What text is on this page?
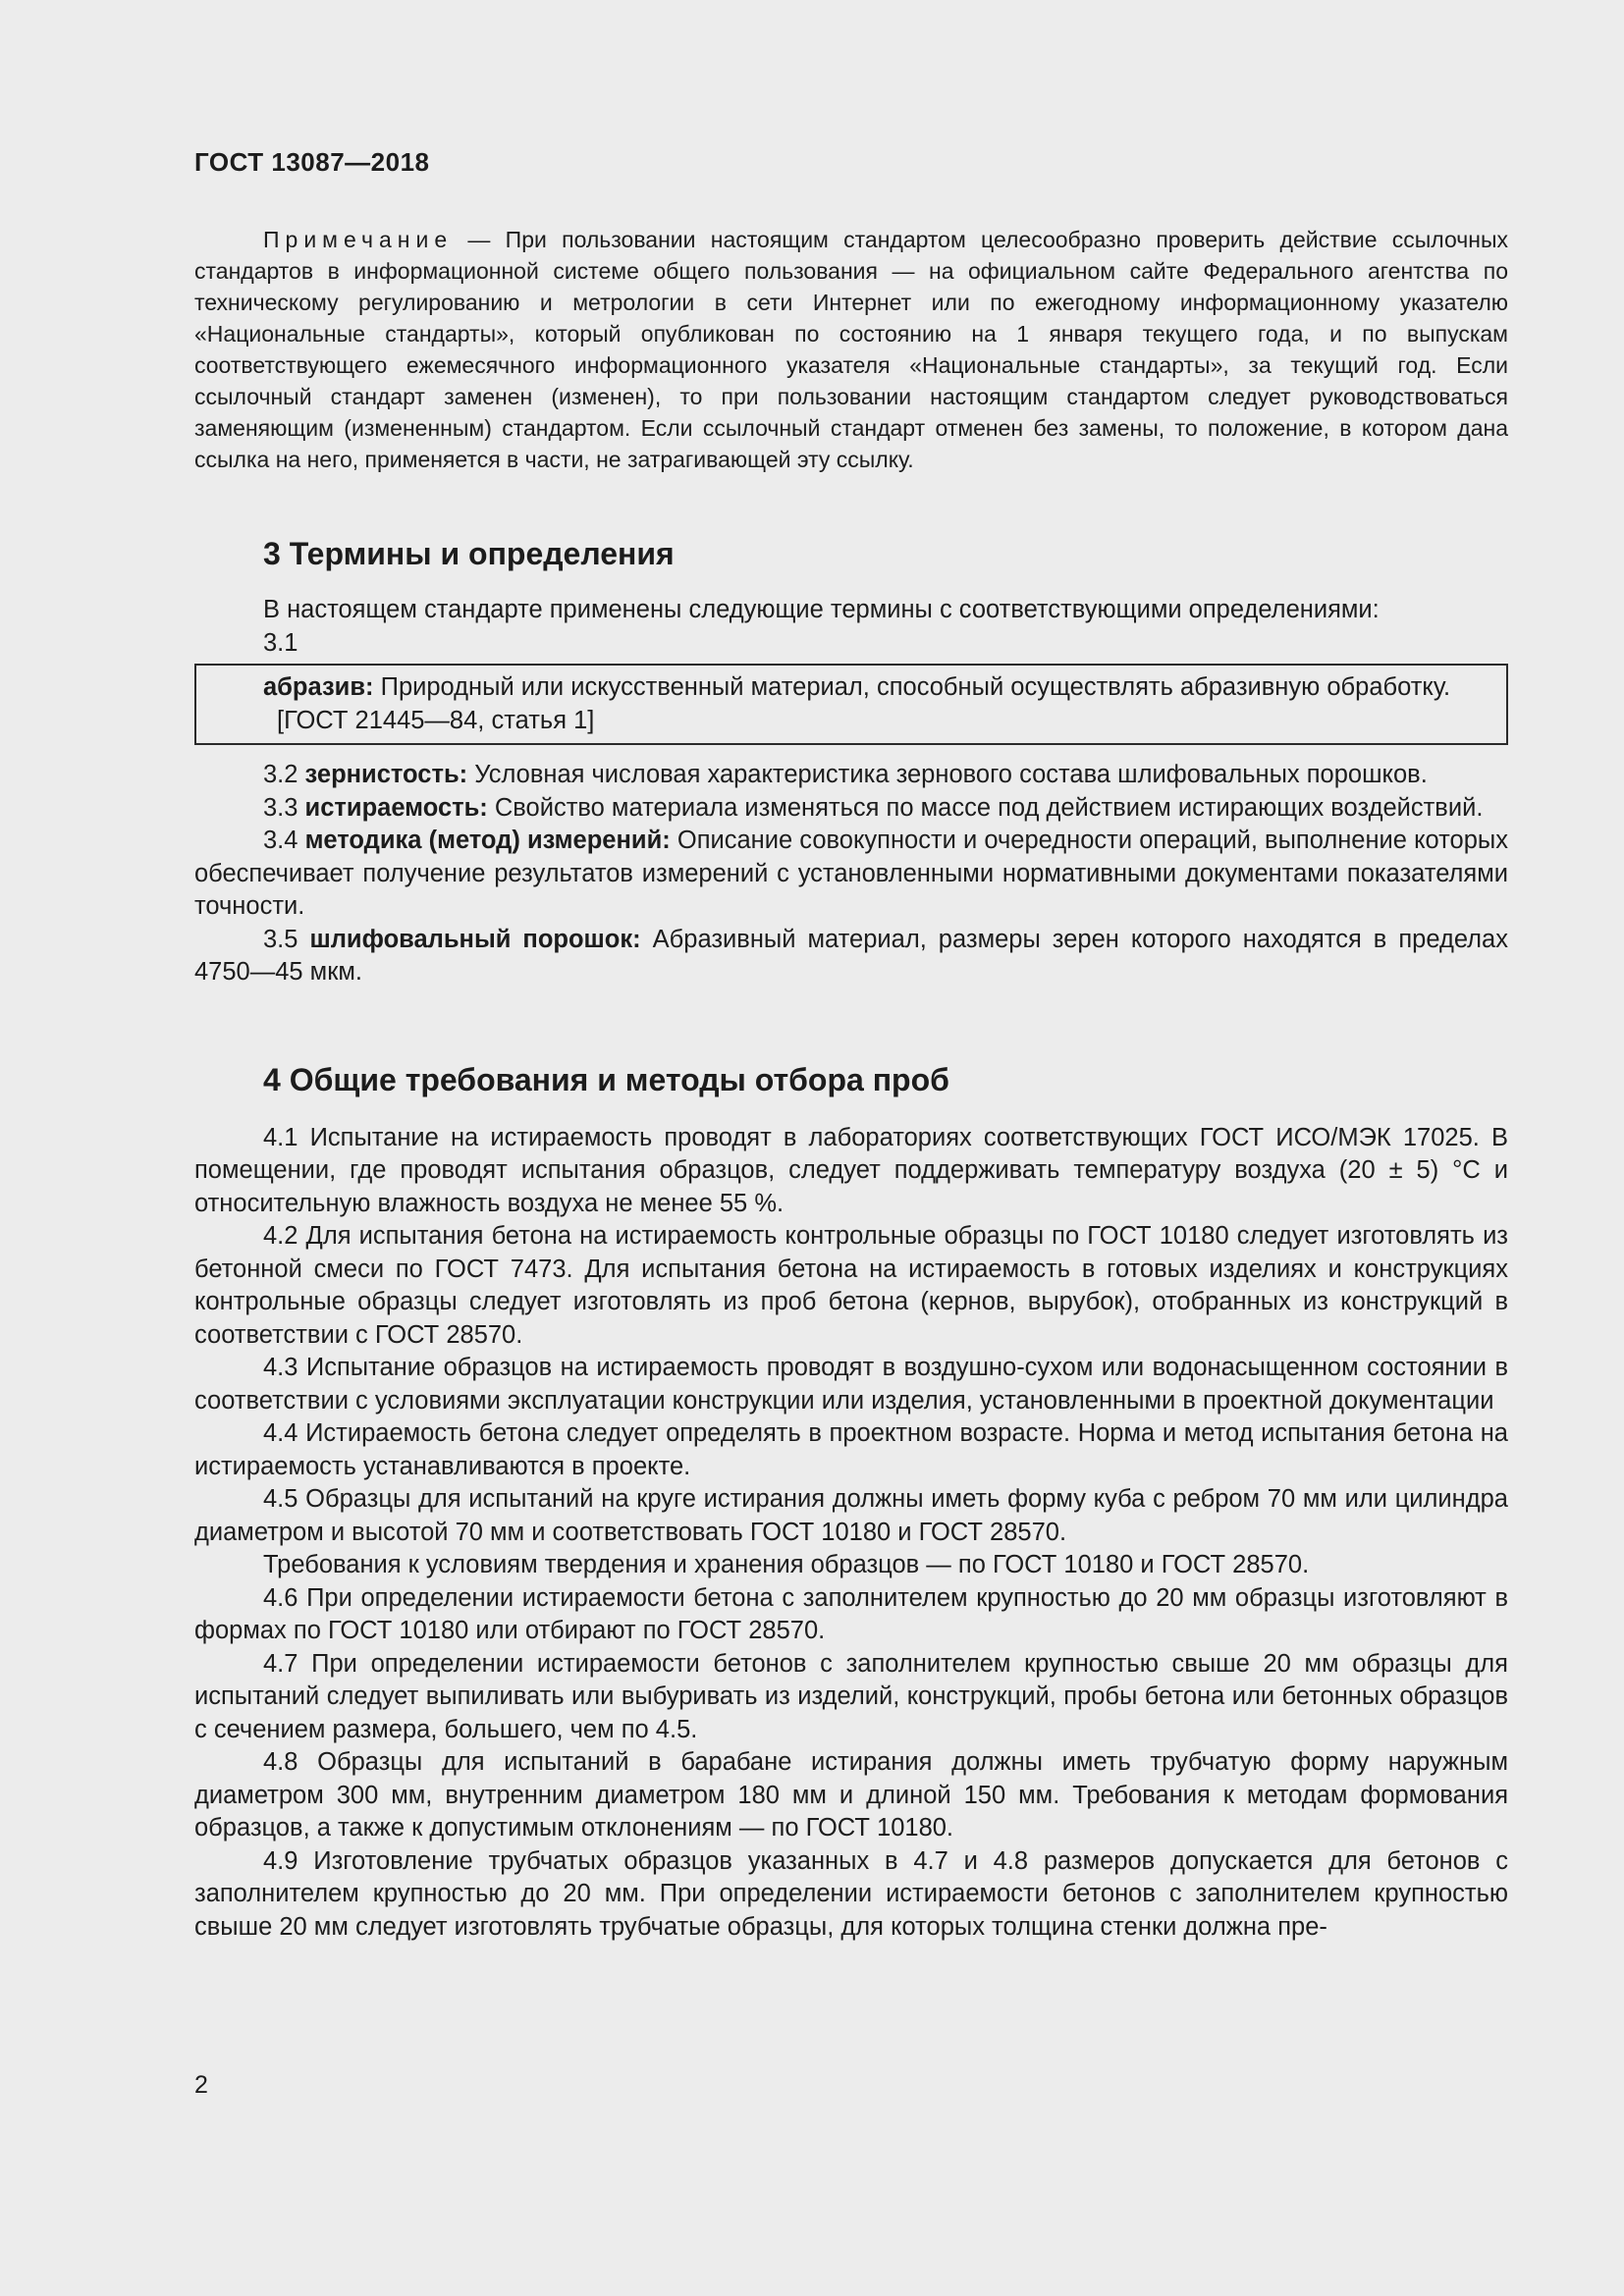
ГОСТ 13087—2018

Примечание — При пользовании настоящим стандартом целесообразно проверить действие ссылочных стандартов в информационной системе общего пользования — на официальном сайте Федерального агентства по техническому регулированию и метрологии в сети Интернет или по ежегодному информационному указателю «Национальные стандарты», который опубликован по состоянию на 1 января текущего года, и по выпускам соответствующего ежемесячного информационного указателя «Национальные стандарты», за текущий год. Если ссылочный стандарт заменен (изменен), то при пользовании настоящим стандартом следует руководствоваться заменяющим (измененным) стандартом. Если ссылочный стандарт отменен без замены, то положение, в котором дана ссылка на него, применяется в части, не затрагивающей эту ссылку.

3 Термины и определения

В настоящем стандарте применены следующие термины с соответствующими определениями:

3.1

абразив: Природный или искусственный материал, способный осуществлять абразивную обработку.

[ГОСТ 21445—84, статья 1]

3.2 зернистость: Условная числовая характеристика зернового состава шлифовальных порошков.

3.3 истираемость: Свойство материала изменяться по массе под действием истирающих воздействий.

3.4 методика (метод) измерений: Описание совокупности и очередности операций, выполнение которых обеспечивает получение результатов измерений с установленными нормативными документами показателями точности.

3.5 шлифовальный порошок: Абразивный материал, размеры зерен которого находятся в пределах 4750—45 мкм.

4 Общие требования и методы отбора проб

4.1 Испытание на истираемость проводят в лабораториях соответствующих ГОСТ ИСО/МЭК 17025. В помещении, где проводят испытания образцов, следует поддерживать температуру воздуха (20 ± 5) °С и относительную влажность воздуха не менее 55 %.

4.2 Для испытания бетона на истираемость контрольные образцы по ГОСТ 10180 следует изготовлять из бетонной смеси по ГОСТ 7473. Для испытания бетона на истираемость в готовых изделиях и конструкциях контрольные образцы следует изготовлять из проб бетона (кернов, вырубок), отобранных из конструкций в соответствии с ГОСТ 28570.

4.3 Испытание образцов на истираемость проводят в воздушно-сухом или водонасыщенном состоянии в соответствии с условиями эксплуатации конструкции или изделия, установленными в проектной документации

4.4 Истираемость бетона следует определять в проектном возрасте. Норма и метод испытания бетона на истираемость устанавливаются в проекте.

4.5 Образцы для испытаний на круге истирания должны иметь форму куба с ребром 70 мм или цилиндра диаметром и высотой 70 мм и соответствовать ГОСТ 10180 и ГОСТ 28570.

Требования к условиям твердения и хранения образцов — по ГОСТ 10180 и ГОСТ 28570.

4.6 При определении истираемости бетона с заполнителем крупностью до 20 мм образцы изготовляют в формах по ГОСТ 10180 или отбирают по ГОСТ 28570.

4.7 При определении истираемости бетонов с заполнителем крупностью свыше 20 мм образцы для испытаний следует выпиливать или выбуривать из изделий, конструкций, пробы бетона или бетонных образцов с сечением размера, большего, чем по 4.5.

4.8 Образцы для испытаний в барабане истирания должны иметь трубчатую форму наружным диаметром 300 мм, внутренним диаметром 180 мм и длиной 150 мм. Требования к методам формования образцов, а также к допустимым отклонениям — по ГОСТ 10180.

4.9 Изготовление трубчатых образцов указанных в 4.7 и 4.8 размеров допускается для бетонов с заполнителем крупностью до 20 мм. При определении истираемости бетонов с заполнителем крупностью свыше 20 мм следует изготовлять трубчатые образцы, для которых толщина стенки должна пре-

2
